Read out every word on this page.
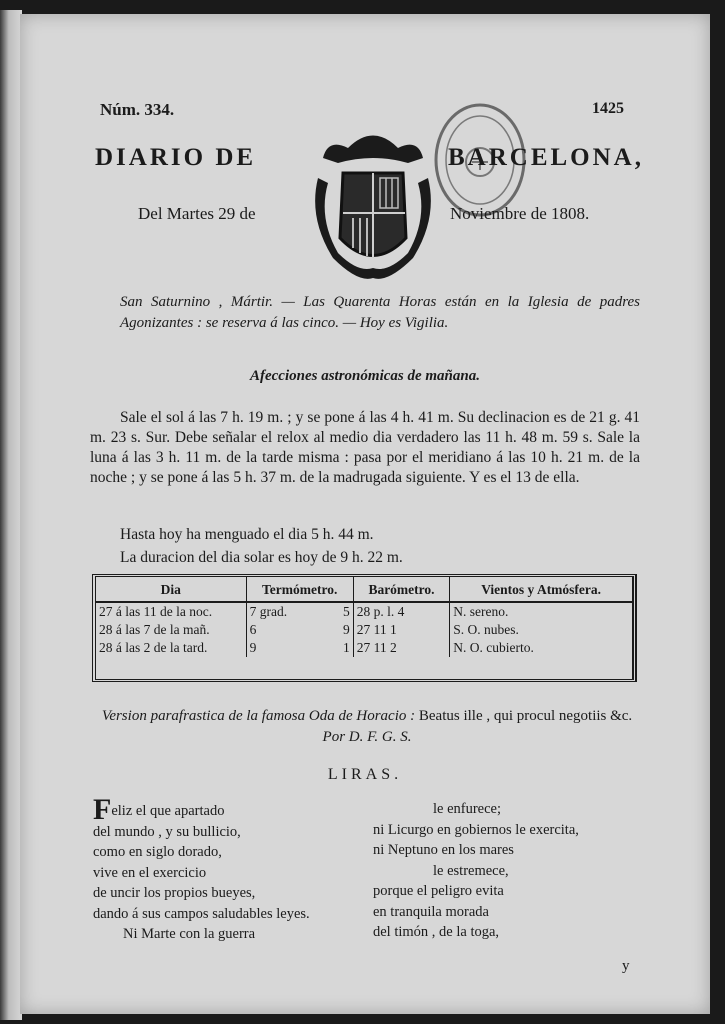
Núm. 334.	1425
DIARIO DE	BARCELONA,
Del Martes 29 de	Noviembre de 1808.
San Saturnino , Mártir. — Las Quarenta Horas están en la Iglesia de padres Agonizantes : se reserva á las cinco. — Hoy es Vigilia.
Afecciones astronómicas de mañana.
Sale el sol á las 7 h. 19 m. ; y se pone á las 4 h. 41 m. Su declinacion es de 21 g. 41 m. 23 s. Sur. Debe señalar el relox al medio dia verdadero las 11 h. 48 m. 59 s. Sale la luna á las 3 h. 11 m. de la tarde misma : pasa por el meridiano á las 10 h. 21 m. de la noche ; y se pone á las 5 h. 37 m. de la madrugada siguiente. Y es el 13 de ella.
Hasta hoy ha menguado el dia 5 h. 44 m.
La duracion del dia solar es hoy de 9 h. 22 m.
Dia	Termómetro.	Barómetro.	Vientos y Atmósfera.
27 á las 11 de la noc.	7 grad. 5	28 p. l. 4	N. sereno.
28 á las 7 de la mañ.	6 9	27 11 1	S. O. nubes.
28 á las 2 de la tard.	9 1	27 11 2	N. O. cubierto.
Version parafrastica de la famosa Oda de Horacio : Beatus ille , qui procul negotiis &c. Por D. F. G. S.
LIRAS.
Feliz el que apartado
del mundo , y su bullicio,
como en siglo dorado,
vive en el exercicio
de uncir los propios bueyes,
dando á sus campos saludables leyes.
Ni Marte con la guerra
le enfurece;
ni Licurgo en gobiernos le exercita,
ni Neptuno en los mares
le estremece,
porque el peligro evita
en tranquila morada
del timón , de la toga,
y
